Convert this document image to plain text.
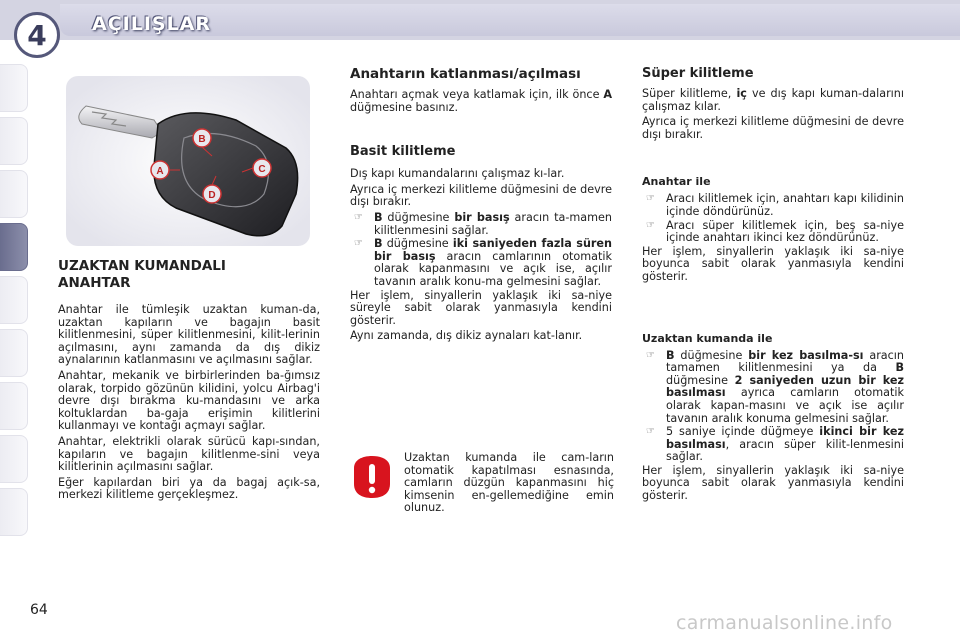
4 AÇILIŞLAR
B
C
A
D
UZAKTAN KUMANDALI ANAHTAR

Anahtar ile tümleşik uzaktan kuman-da, uzaktan kapıların ve bagajın basit kilitlenmesini, süper kilitlenmesini, kilit-lerinin açılmasını, aynı zamanda da dış dikiz aynalarının katlanmasını ve açılmasını sağlar.

Anahtar, mekanik ve birbirlerinden ba-ğımsız olarak, torpido gözünün kilidini, yolcu Airbag'i devre dışı bırakma ku-mandasını ve arka koltuklardan ba-gaja erişimin kilitlerini kullanmayı ve kontağı açmayı sağlar.

Anahtar, elektrikli olarak sürücü kapı-sından, kapıların ve bagajın kilitlenme-sini veya kilitlerinin açılmasını sağlar.

Eğer kapılardan biri ya da bagaj açık-sa, merkezi kilitleme gerçekleşmez.

Anahtarın katlanması/açılması

Anahtarı açmak veya katlamak için, ilk önce A düğmesine basınız.

Basit kilitleme

Dış kapı kumandalarını çalışmaz kı-lar.

Ayrıca iç merkezi kilitleme düğmesini de devre dışı bırakır.

☞ B düğmesine bir basış aracın ta-mamen kilitlenmesini sağlar.
☞ B düğmesine iki saniyeden fazla süren bir basış aracın camlarının otomatik olarak kapanmasını ve açık ise, açılır tavanın aralık konu-ma gelmesini sağlar.

Her işlem, sinyallerin yaklaşık iki sa-niye süreyle sabit olarak yanmasıyla kendini gösterir.

Aynı zamanda, dış dikiz aynaları kat-lanır.

Uzaktan kumanda ile cam-ların otomatik kapatılması esnasında, camların düzgün kapanmasını hiç kimsenin en-gellemediğine emin olunuz.
Süper kilitleme

Süper kilitleme, iç ve dış kapı kuman-dalarını çalışmaz kılar.

Ayrıca iç merkezi kilitleme düğmesini de devre dışı bırakır.

Anahtar ile
☞ Aracı kilitlemek için, anahtarı kapı kilidinin içinde döndürünüz.
☞ Aracı süper kilitlemek için, beş sa-niye içinde anahtarı ikinci kez döndürünüz.

Her işlem, sinyallerin yaklaşık iki sa-niye boyunca sabit olarak yanmasıyla kendini gösterir.

Uzaktan kumanda ile
☞ B düğmesine bir kez basılma-sı aracın tamamen kilitlenmesini ya da B düğmesine 2 saniyeden uzun bir kez basılması ayrıca camların otomatik olarak kapan-masını ve açık ise açılır tavanın aralık konuma gelmesini sağlar.
☞ 5 saniye içinde düğmeye ikinci bir kez basılması, aracın süper kilit-lenmesini sağlar.

Her işlem, sinyallerin yaklaşık iki sa-niye boyunca sabit olarak yanmasıyla kendini gösterir.

64
carmanualsonline.info
